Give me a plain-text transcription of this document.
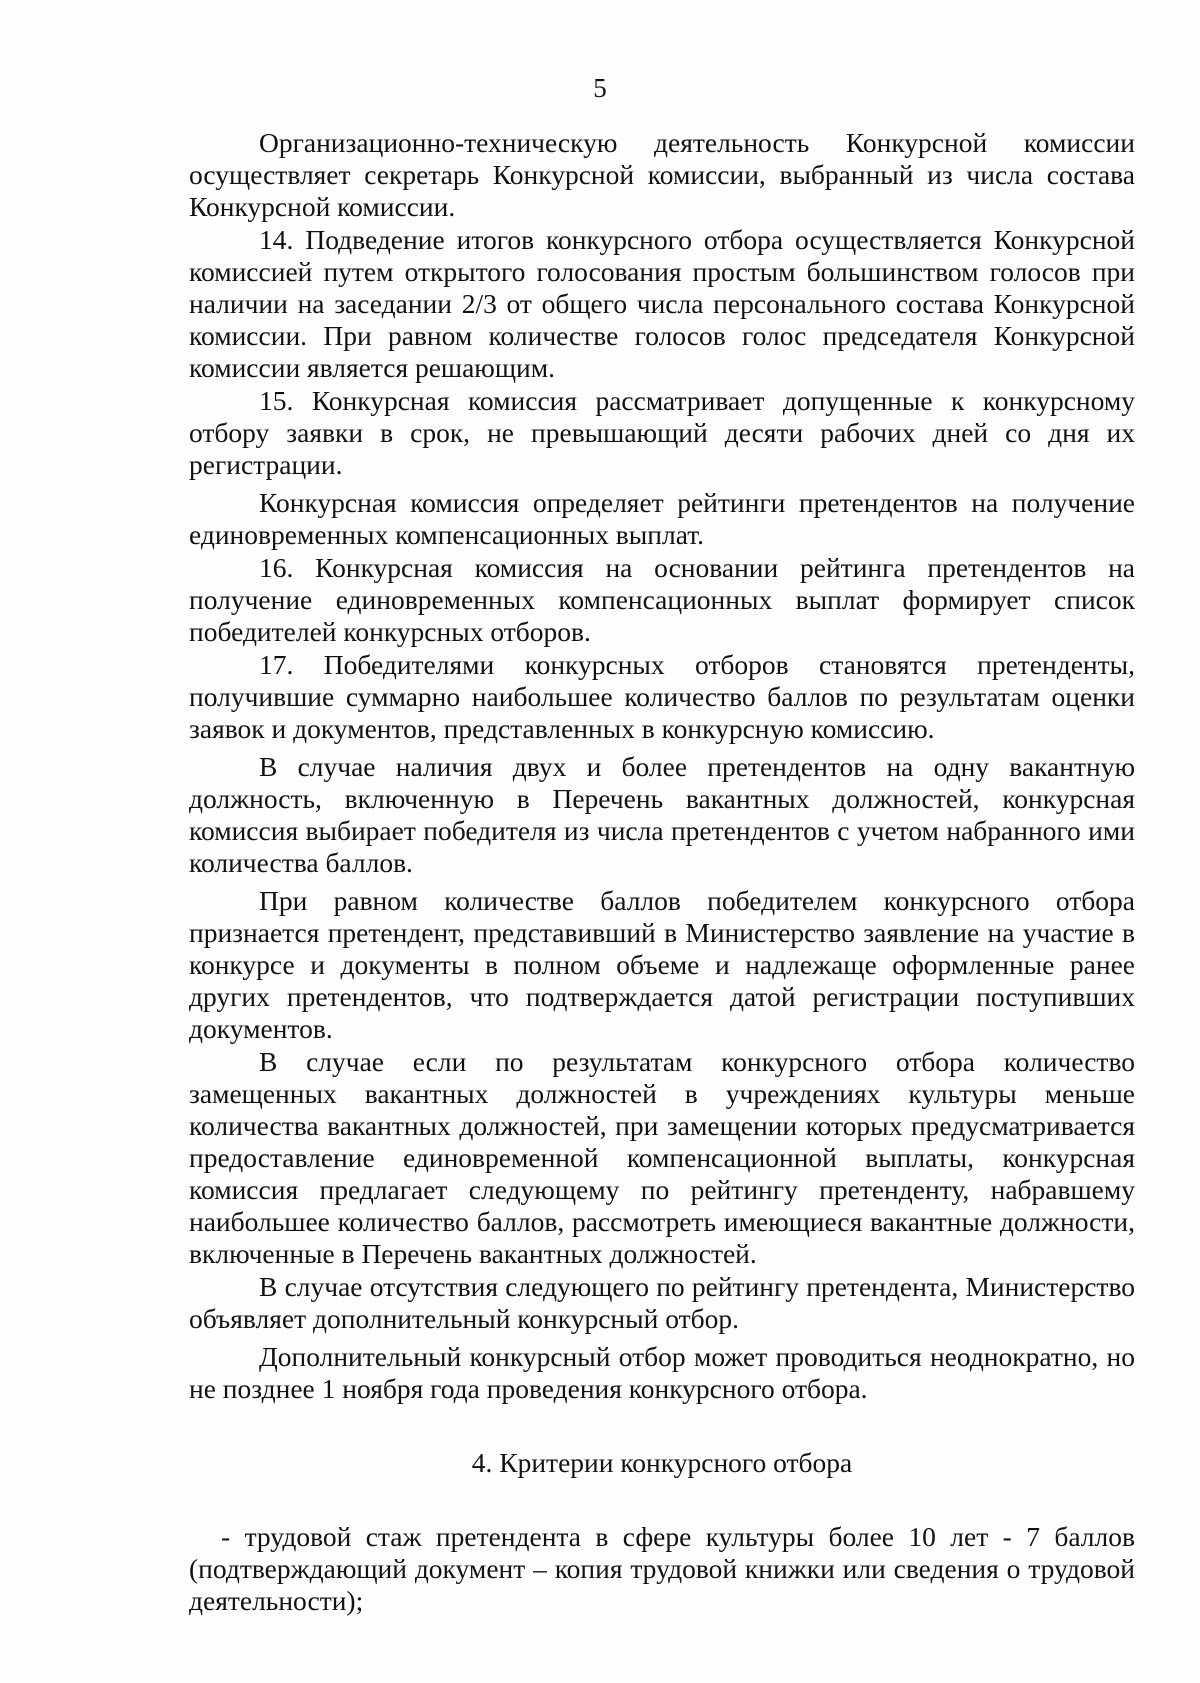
5

Организационно-техническую деятельность Конкурсной комиссии осуществляет секретарь Конкурсной комиссии, выбранный из числа состава Конкурсной комиссии.

14. Подведение итогов конкурсного отбора осуществляется Конкурсной комиссией путем открытого голосования простым большинством голосов при наличии на заседании 2/3 от общего числа персонального состава Конкурсной комиссии. При равном количестве голосов голос председателя Конкурсной комиссии является решающим.

15. Конкурсная комиссия рассматривает допущенные к конкурсному отбору заявки в срок, не превышающий десяти рабочих дней со дня их регистрации.

Конкурсная комиссия определяет рейтинги претендентов на получение единовременных компенсационных выплат.

16. Конкурсная комиссия на основании рейтинга претендентов на получение единовременных компенсационных выплат формирует список победителей конкурсных отборов.

17. Победителями конкурсных отборов становятся претенденты, получившие суммарно наибольшее количество баллов по результатам оценки заявок и документов, представленных в конкурсную комиссию.

В случае наличия двух и более претендентов на одну вакантную должность, включенную в Перечень вакантных должностей, конкурсная комиссия выбирает победителя из числа претендентов с учетом набранного ими количества баллов.

При равном количестве баллов победителем конкурсного отбора признается претендент, представивший в Министерство заявление на участие в конкурсе и документы в полном объеме и надлежаще оформленные ранее других претендентов, что подтверждается датой регистрации поступивших документов.

В случае если по результатам конкурсного отбора количество замещенных вакантных должностей в учреждениях культуры меньше количества вакантных должностей, при замещении которых предусматривается предоставление единовременной компенсационной выплаты, конкурсная комиссия предлагает следующему по рейтингу претенденту, набравшему наибольшее количество баллов, рассмотреть имеющиеся вакантные должности, включенные в Перечень вакантных должностей.

В случае отсутствия следующего по рейтингу претендента, Министерство объявляет дополнительный конкурсный отбор.

Дополнительный конкурсный отбор может проводиться неоднократно, но не позднее 1 ноября года проведения конкурсного отбора.

4. Критерии конкурсного отбора

- трудовой стаж претендента в сфере культуры более 10 лет - 7 баллов (подтверждающий документ – копия трудовой книжки или сведения о трудовой деятельности);
